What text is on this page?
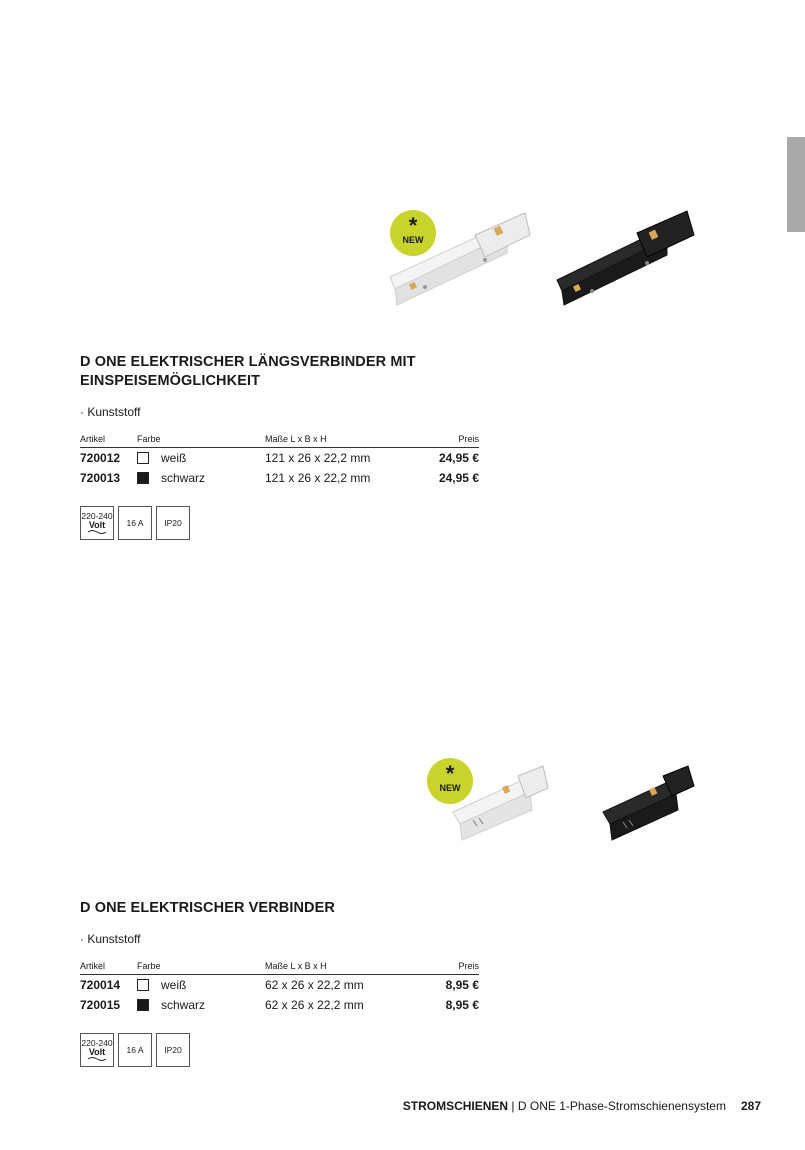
*
NEW
D ONE ELEKTRISCHER LÄNGSVERBINDER MIT EINSPEISEMÖGLICHKEIT
· Kunststoff
Artikel	Farbe	Maße L x B x H	Preis
720012	weiß	121 x 26 x 22,2 mm	24,95 €
720013	schwarz	121 x 26 x 22,2 mm	24,95 €
220-240
Volt	16 A	IP20
*
NEW
D ONE ELEKTRISCHER VERBINDER
· Kunststoff
Artikel	Farbe	Maße L x B x H	Preis
720014	weiß	62 x 26 x 22,2 mm	8,95 €
720015	schwarz	62 x 26 x 22,2 mm	8,95 €
220-240
Volt	16 A	IP20
STROMSCHIENEN | D ONE 1-Phase-Stromschienensystem 287
